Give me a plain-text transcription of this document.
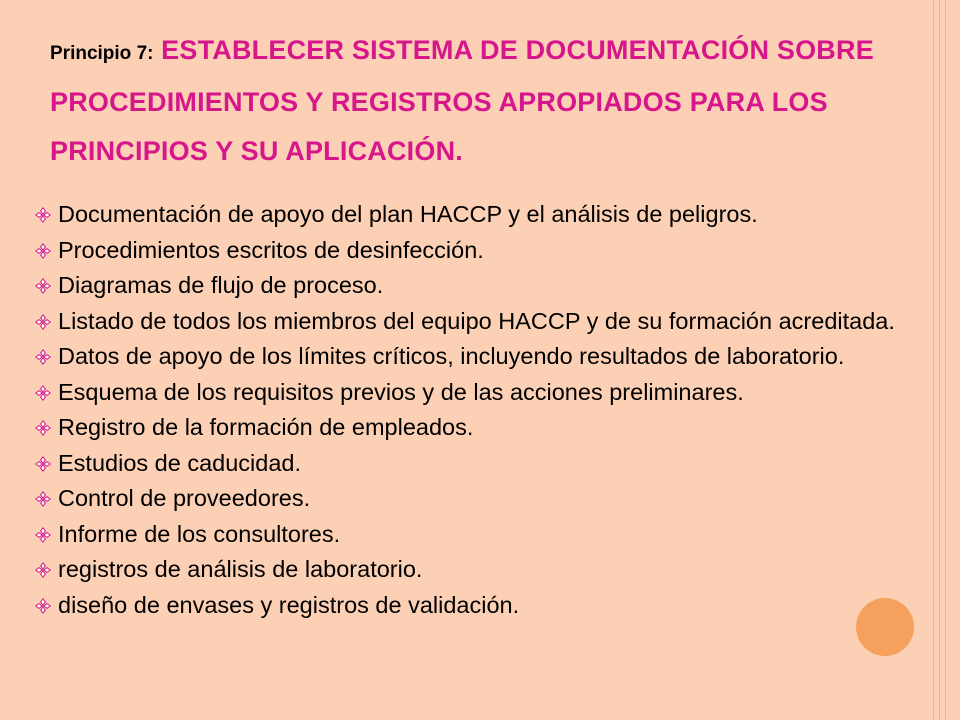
Principio 7: ESTABLECER SISTEMA DE DOCUMENTACIÓN SOBRE PROCEDIMIENTOS Y REGISTROS APROPIADOS PARA LOS PRINCIPIOS Y SU APLICACIÓN.
Documentación de apoyo del plan HACCP y el análisis de peligros.
Procedimientos escritos de desinfección.
Diagramas de flujo de proceso.
Listado de todos los miembros del equipo HACCP y de su formación acreditada.
Datos de apoyo de los límites críticos, incluyendo resultados de laboratorio.
Esquema de los requisitos previos y de las acciones preliminares.
Registro de la formación de empleados.
Estudios de caducidad.
Control de proveedores.
Informe de los consultores.
registros de análisis de laboratorio.
diseño de envases y registros de validación.
